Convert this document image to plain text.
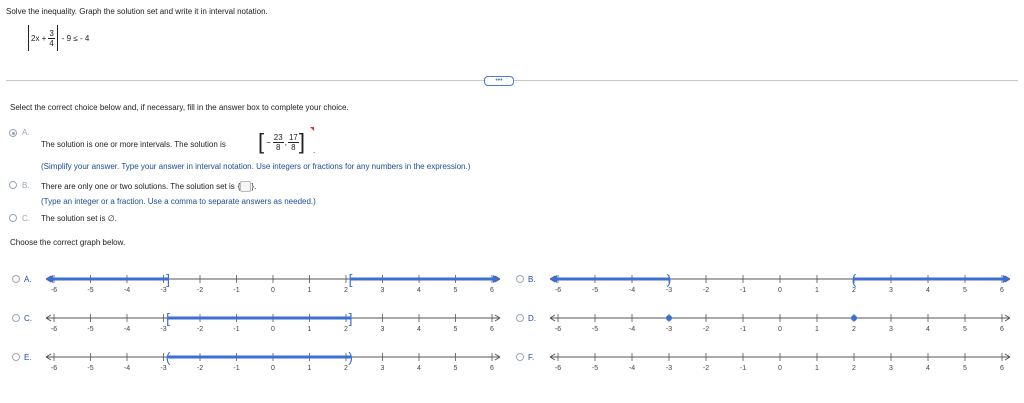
Solve the inequality. Graph the solution set and write it in interval notation.
$2x + \frac{3}{4} - 9$ ≤ - 4
•••
Select the correct choice below and, if necessary, fill in the answer box to complete your choice.
A.
The solution is one or more intervals. The solution is [ − $\frac{23}{8}$ , $\frac{17}{8}$ ] .
(Simplify your answer. Type your answer in interval notation. Use integers or fractions for any numbers in the expression.)
B. There are only one or two solutions. The solution set is { }.
(Type an integer or a fraction. Use a comma to separate answers as needed.)
C. The solution set is ∅.
Choose the correct graph below.
A.
-6	-5	-4	-3	-2	-1	0	1	2	3	4	5	6
]	[	B.
-6	-5	-4	-3	-2	-1	0	1	2	3	4	5	6
)	(
C.
-6	-5	-4	-3	-2	-1	0	1	2	3	4	5	6
[	]	D.
-6	-5	-4	-3	-2	-1	0	1	2	3	4	5	6
E.
-6	-5	-4	-3	-2	-1	0	1	2	3	4	5	6
(	)	F.
-6	-5	-4	-3	-2	-1	0	1	2	3	4	5	6
